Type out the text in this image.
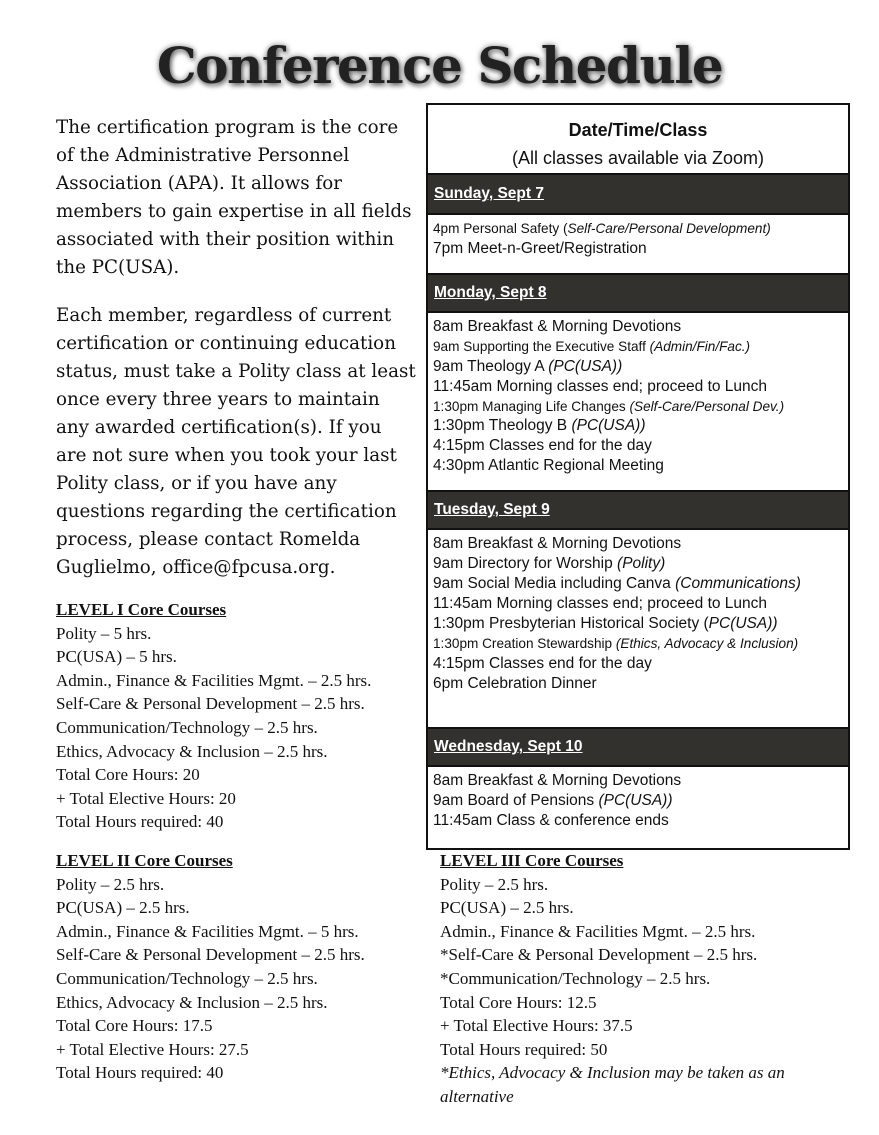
Conference Schedule

The certification program is the core of the Administrative Personnel Association (APA). It allows for members to gain expertise in all fields associated with their position within the PC(USA).

Each member, regardless of current certification or continuing education status, must take a Polity class at least once every three years to maintain any awarded certification(s). If you are not sure when you took your last Polity class, or if you have any questions regarding the certification process, please contact Romelda Guglielmo, office@fpcusa.org.

LEVEL I Core Courses
Polity – 5 hrs.
PC(USA) – 5 hrs.
Admin., Finance & Facilities Mgmt. – 2.5 hrs.
Self-Care & Personal Development – 2.5 hrs.
Communication/Technology – 2.5 hrs.
Ethics, Advocacy & Inclusion – 2.5 hrs.
Total Core Hours: 20
+ Total Elective Hours: 20
Total Hours required: 40
LEVEL II Core Courses
Polity – 2.5 hrs.
PC(USA) – 2.5 hrs.
Admin., Finance & Facilities Mgmt. – 5 hrs.
Self-Care & Personal Development – 2.5 hrs.
Communication/Technology – 2.5 hrs.
Ethics, Advocacy & Inclusion – 2.5 hrs.
Total Core Hours: 17.5
+ Total Elective Hours: 27.5
Total Hours required: 40
LEVEL III Core Courses
Polity – 2.5 hrs.
PC(USA) – 2.5 hrs.
Admin., Finance & Facilities Mgmt. – 2.5 hrs.
*Self-Care & Personal Development – 2.5 hrs.
*Communication/Technology – 2.5 hrs.
Total Core Hours: 12.5
+ Total Elective Hours: 37.5
Total Hours required: 50
*Ethics, Advocacy & Inclusion may be taken as an alternative
Date/Time/Class
(All classes available via Zoom)
Sunday, Sept 7
4pm Personal Safety (Self-Care/Personal Development)
7pm Meet-n-Greet/Registration
Monday, Sept 8
8am Breakfast & Morning Devotions
9am Supporting the Executive Staff (Admin/Fin/Fac.)
9am Theology A (PC(USA))
11:45am Morning classes end; proceed to Lunch
1:30pm Managing Life Changes (Self-Care/Personal Dev.)
1:30pm Theology B (PC(USA))
4:15pm Classes end for the day
4:30pm Atlantic Regional Meeting
Tuesday, Sept 9
8am Breakfast & Morning Devotions
9am Directory for Worship (Polity)
9am Social Media including Canva (Communications)
11:45am Morning classes end; proceed to Lunch
1:30pm Presbyterian Historical Society (PC(USA))
1:30pm Creation Stewardship (Ethics, Advocacy & Inclusion)
4:15pm Classes end for the day
6pm Celebration Dinner
Wednesday, Sept 10
8am Breakfast & Morning Devotions
9am Board of Pensions (PC(USA))
11:45am Class & conference ends
